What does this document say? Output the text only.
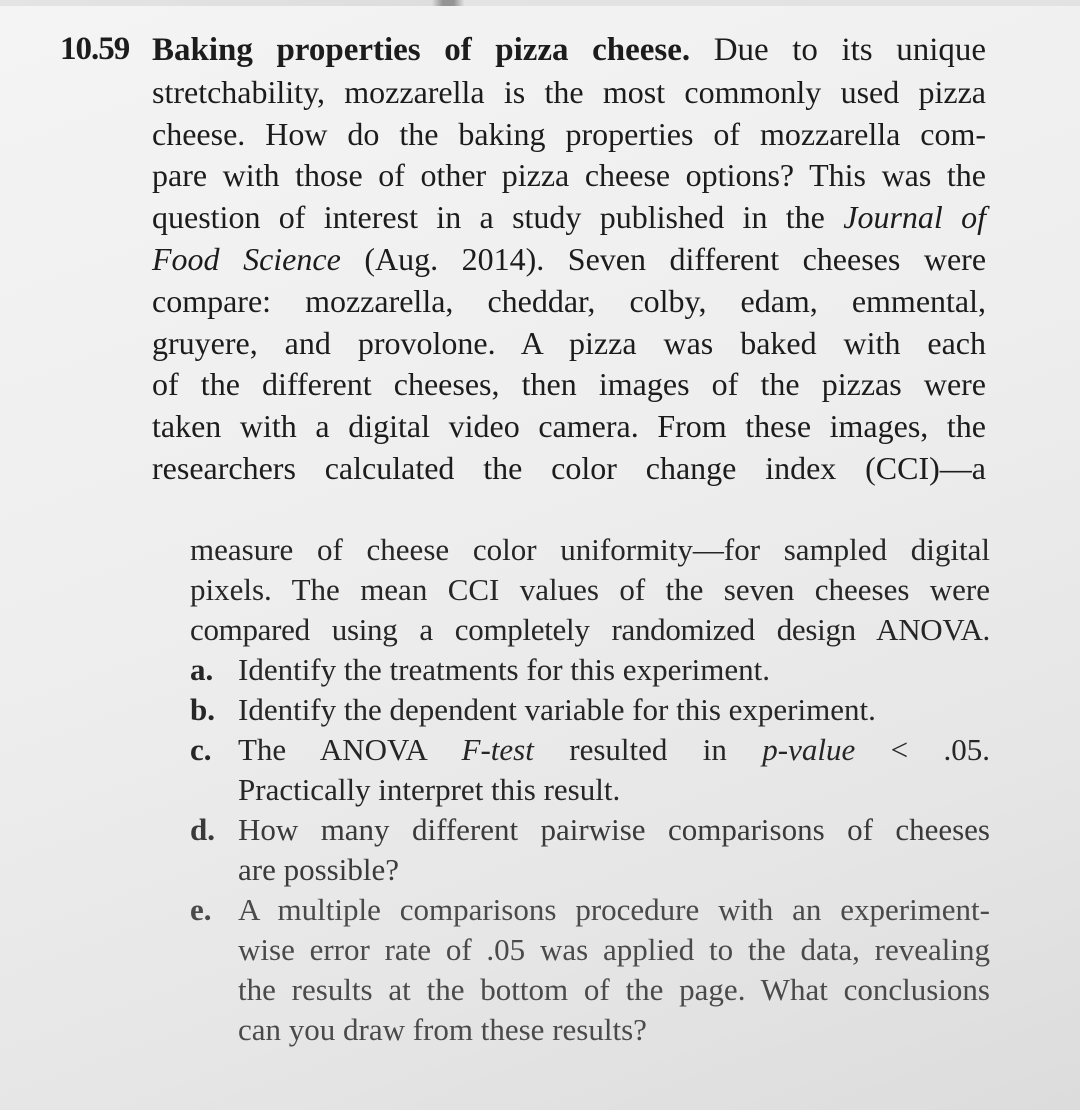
10.59 Baking properties of pizza cheese. Due to its unique
stretchability, mozzarella is the most commonly used pizza
cheese. How do the baking properties of mozzarella com-
pare with those of other pizza cheese options? This was the
question of interest in a study published in the Journal of
Food Science (Aug. 2014). Seven different cheeses were
compare: mozzarella, cheddar, colby, edam, emmental,
gruyere, and provolone. A pizza was baked with each
of the different cheeses, then images of the pizzas were
taken with a digital video camera. From these images, the
researchers calculated the color change index (CCI)—a
measure of cheese color uniformity—for sampled digital
pixels. The mean CCI values of the seven cheeses were
compared using a completely randomized design ANOVA.
a. Identify the treatments for this experiment.
b. Identify the dependent variable for this experiment.
c. The ANOVA F-test resulted in p-value < .05.
Practically interpret this result.
d. How many different pairwise comparisons of cheeses
are possible?
e. A multiple comparisons procedure with an experiment-
wise error rate of .05 was applied to the data, revealing
the results at the bottom of the page. What conclusions
can you draw from these results?
